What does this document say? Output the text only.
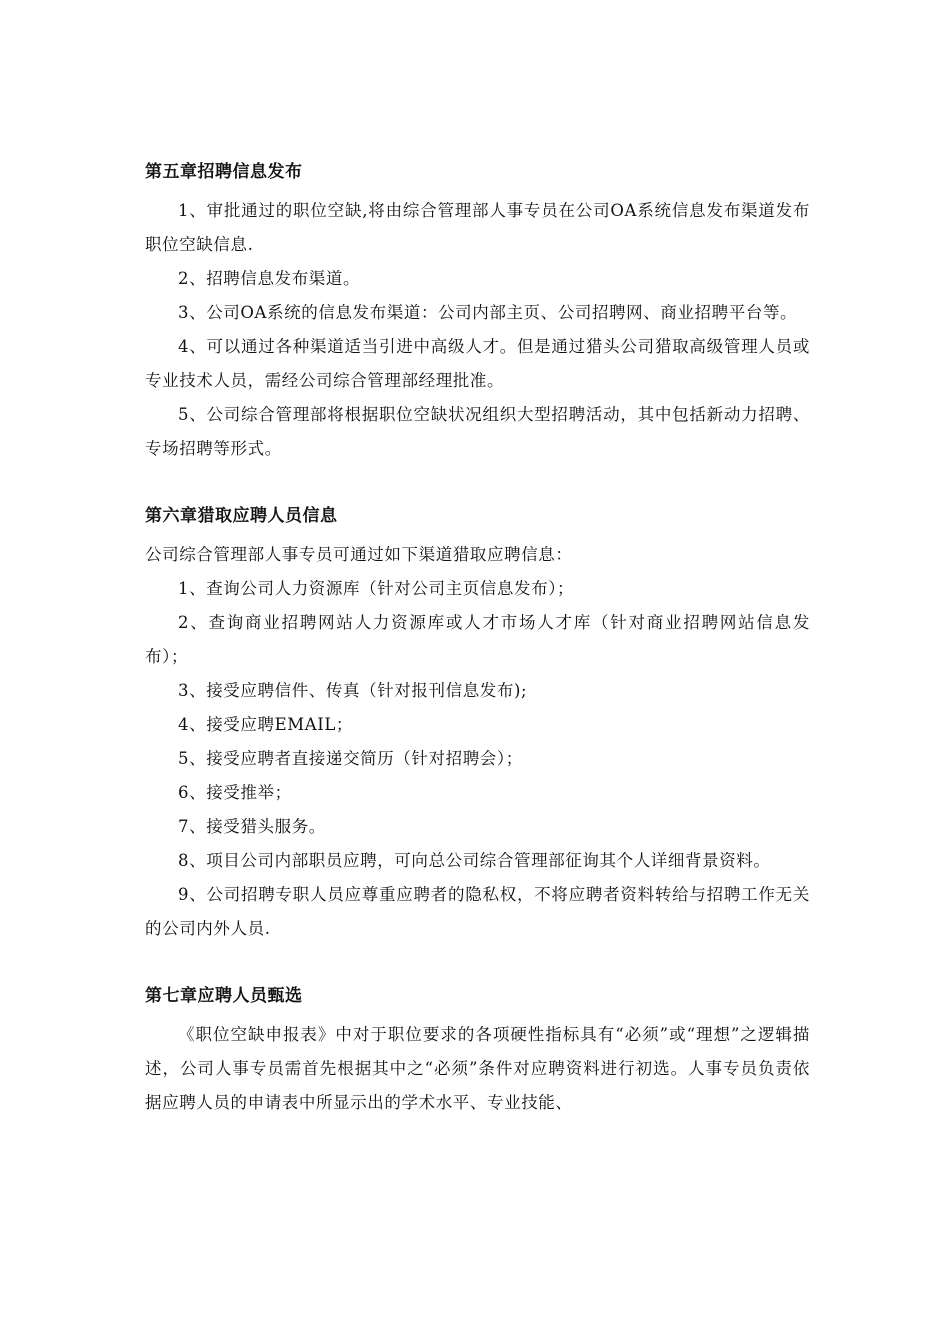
第五章招聘信息发布

1、审批通过的职位空缺,将由综合管理部人事专员在公司OA系统信息发布渠道发布职位空缺信息.

2、招聘信息发布渠道。

3、公司OA系统的信息发布渠道：公司内部主页、公司招聘网、商业招聘平台等。

4、可以通过各种渠道适当引进中高级人才。但是通过猎头公司猎取高级管理人员或专业技术人员，需经公司综合管理部经理批准。

5、公司综合管理部将根据职位空缺状况组织大型招聘活动，其中包括新动力招聘、专场招聘等形式。

第六章猎取应聘人员信息

公司综合管理部人事专员可通过如下渠道猎取应聘信息：

1、查询公司人力资源库（针对公司主页信息发布）；

2、查询商业招聘网站人力资源库或人才市场人才库（针对商业招聘网站信息发布）；

3、接受应聘信件、传真（针对报刊信息发布);

4、接受应聘EMAIL；

5、接受应聘者直接递交简历（针对招聘会）；

6、接受推举；

7、接受猎头服务。

8、项目公司内部职员应聘，可向总公司综合管理部征询其个人详细背景资料。

9、公司招聘专职人员应尊重应聘者的隐私权，不将应聘者资料转给与招聘工作无关的公司内外人员.

第七章应聘人员甄选

《职位空缺申报表》中对于职位要求的各项硬性指标具有“必须”或“理想”之逻辑描述，公司人事专员需首先根据其中之“必须”条件对应聘资料进行初选。人事专员负责依据应聘人员的申请表中所显示出的学术水平、专业技能、
